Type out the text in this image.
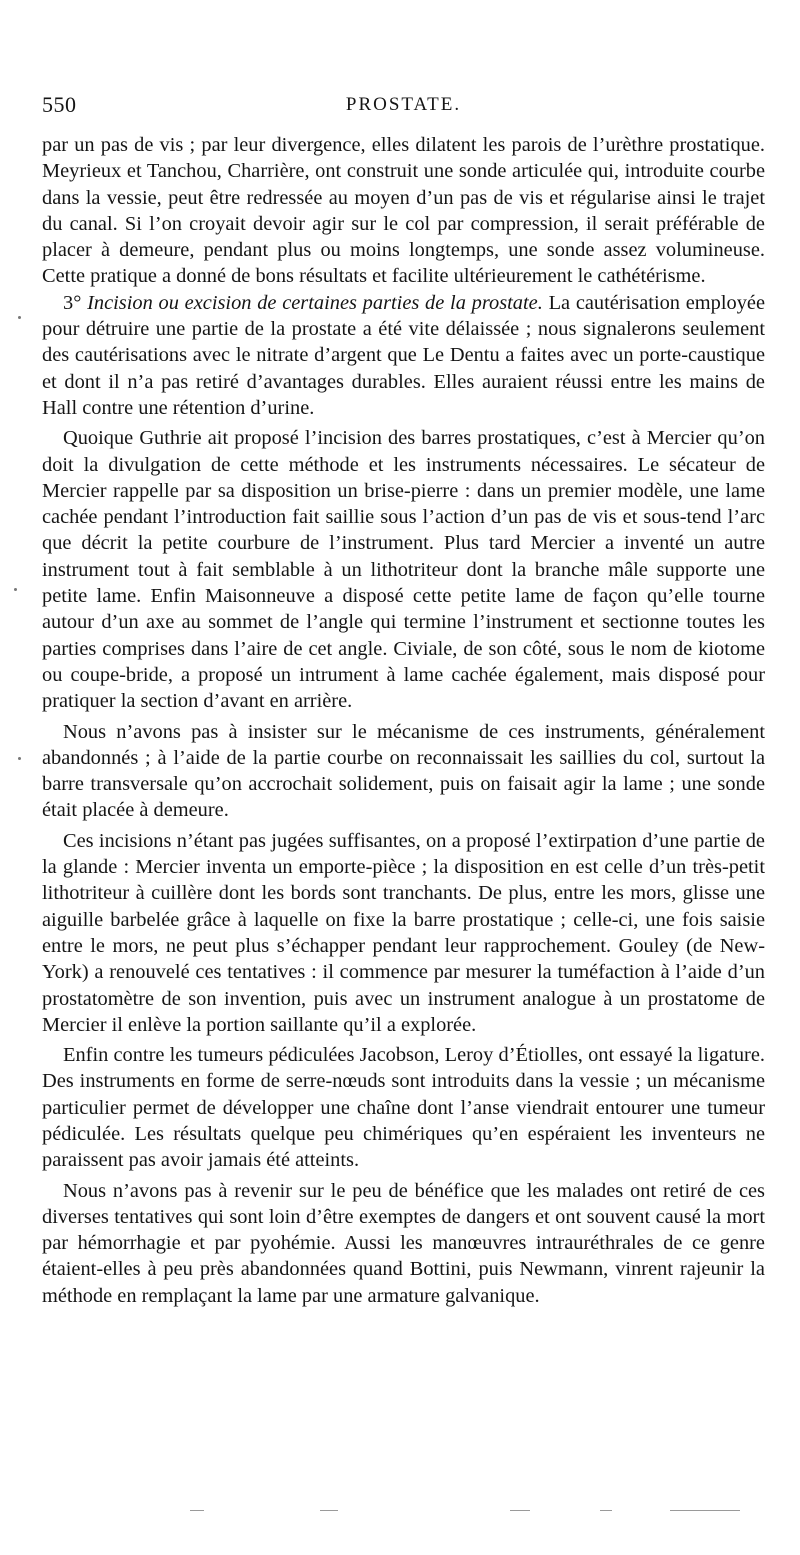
550	PROSTATE.

par un pas de vis ; par leur divergence, elles dilatent les parois de l’urèthre prostatique. Meyrieux et Tanchou, Charrière, ont construit une sonde articulée qui, introduite courbe dans la vessie, peut être redressée au moyen d’un pas de vis et régularise ainsi le trajet du canal. Si l’on croyait devoir agir sur le col par compression, il serait préférable de placer à demeure, pendant plus ou moins longtemps, une sonde assez volumineuse. Cette pratique a donné de bons résultats et facilite ultérieurement le cathétérisme.

3° Incision ou excision de certaines parties de la prostate. La cautérisation employée pour détruire une partie de la prostate a été vite délaissée ; nous signalerons seulement des cautérisations avec le nitrate d’argent que Le Dentu a faites avec un porte-caustique et dont il n’a pas retiré d’avantages durables. Elles auraient réussi entre les mains de Hall contre une rétention d’urine.

Quoique Guthrie ait proposé l’incision des barres prostatiques, c’est à Mercier qu’on doit la divulgation de cette méthode et les instruments nécessaires. Le sécateur de Mercier rappelle par sa disposition un brise-pierre : dans un premier modèle, une lame cachée pendant l’introduction fait saillie sous l’action d’un pas de vis et sous-tend l’arc que décrit la petite courbure de l’instrument. Plus tard Mercier a inventé un autre instrument tout à fait semblable à un lithotriteur dont la branche mâle supporte une petite lame. Enfin Maisonneuve a disposé cette petite lame de façon qu’elle tourne autour d’un axe au sommet de l’angle qui termine l’instrument et sectionne toutes les parties comprises dans l’aire de cet angle. Civiale, de son côté, sous le nom de kiotome ou coupe-bride, a proposé un intrument à lame cachée également, mais disposé pour pratiquer la section d’avant en arrière.

Nous n’avons pas à insister sur le mécanisme de ces instruments, généralement abandonnés ; à l’aide de la partie courbe on reconnaissait les saillies du col, surtout la barre transversale qu’on accrochait solidement, puis on faisait agir la lame ; une sonde était placée à demeure.

Ces incisions n’étant pas jugées suffisantes, on a proposé l’extirpation d’une partie de la glande : Mercier inventa un emporte-pièce ; la disposition en est celle d’un très-petit lithotriteur à cuillère dont les bords sont tranchants. De plus, entre les mors, glisse une aiguille barbelée grâce à laquelle on fixe la barre prostatique ; celle-ci, une fois saisie entre le mors, ne peut plus s’échapper pendant leur rapprochement. Gouley (de New-York) a renouvelé ces tentatives : il commence par mesurer la tuméfaction à l’aide d’un prostatomètre de son invention, puis avec un instrument analogue à un prostatome de Mercier il enlève la portion saillante qu’il a explorée.

Enfin contre les tumeurs pédiculées Jacobson, Leroy d’Étiolles, ont essayé la ligature. Des instruments en forme de serre-nœuds sont introduits dans la vessie ; un mécanisme particulier permet de développer une chaîne dont l’anse viendrait entourer une tumeur pédiculée. Les résultats quelque peu chimériques qu’en espéraient les inventeurs ne paraissent pas avoir jamais été atteints.

Nous n’avons pas à revenir sur le peu de bénéfice que les malades ont retiré de ces diverses tentatives qui sont loin d’être exemptes de dangers et ont souvent causé la mort par hémorrhagie et par pyohémie. Aussi les manœuvres intrauréthrales de ce genre étaient-elles à peu près abandonnées quand Bottini, puis Newmann, vinrent rajeunir la méthode en remplaçant la lame par une armature galvanique.
